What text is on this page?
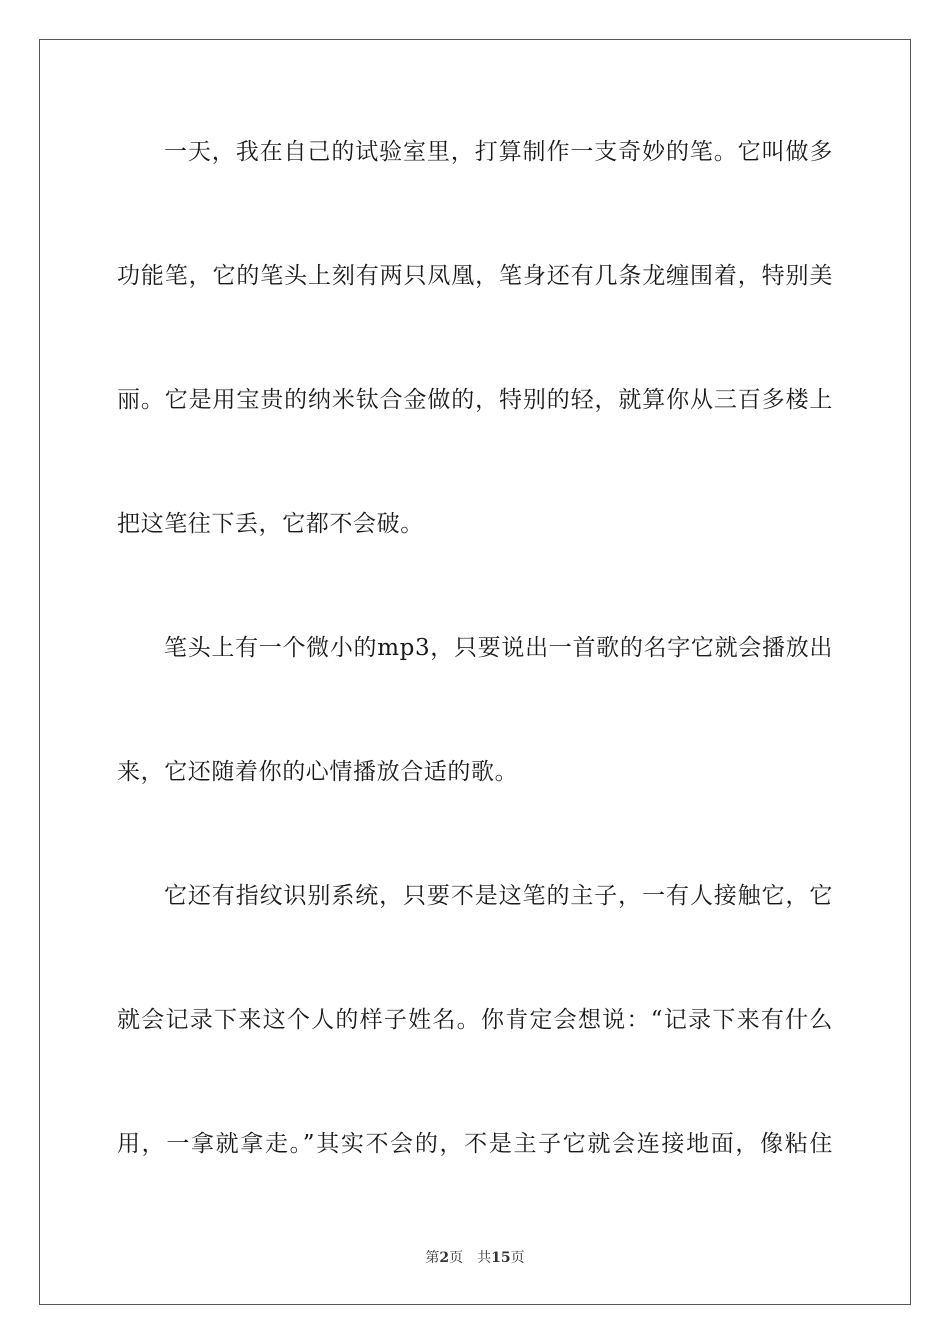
一天，我在自己的试验室里，打算制作一支奇妙的笔。它叫做多
功能笔，它的笔头上刻有两只凤凰，笔身还有几条龙缠围着，特别美
丽。它是用宝贵的纳米钛合金做的，特别的轻，就算你从三百多楼上
把这笔往下丢，它都不会破。
笔头上有一个微小的mp3，只要说出一首歌的名字它就会播放出
来，它还随着你的心情播放合适的歌。
它还有指纹识别系统，只要不是这笔的主子，一有人接触它，它
就会记录下来这个人的样子姓名。你肯定会想说：“记录下来有什么
用，一拿就拿走。”其实不会的，不是主子它就会连接地面，像粘住
第2页 共15页
